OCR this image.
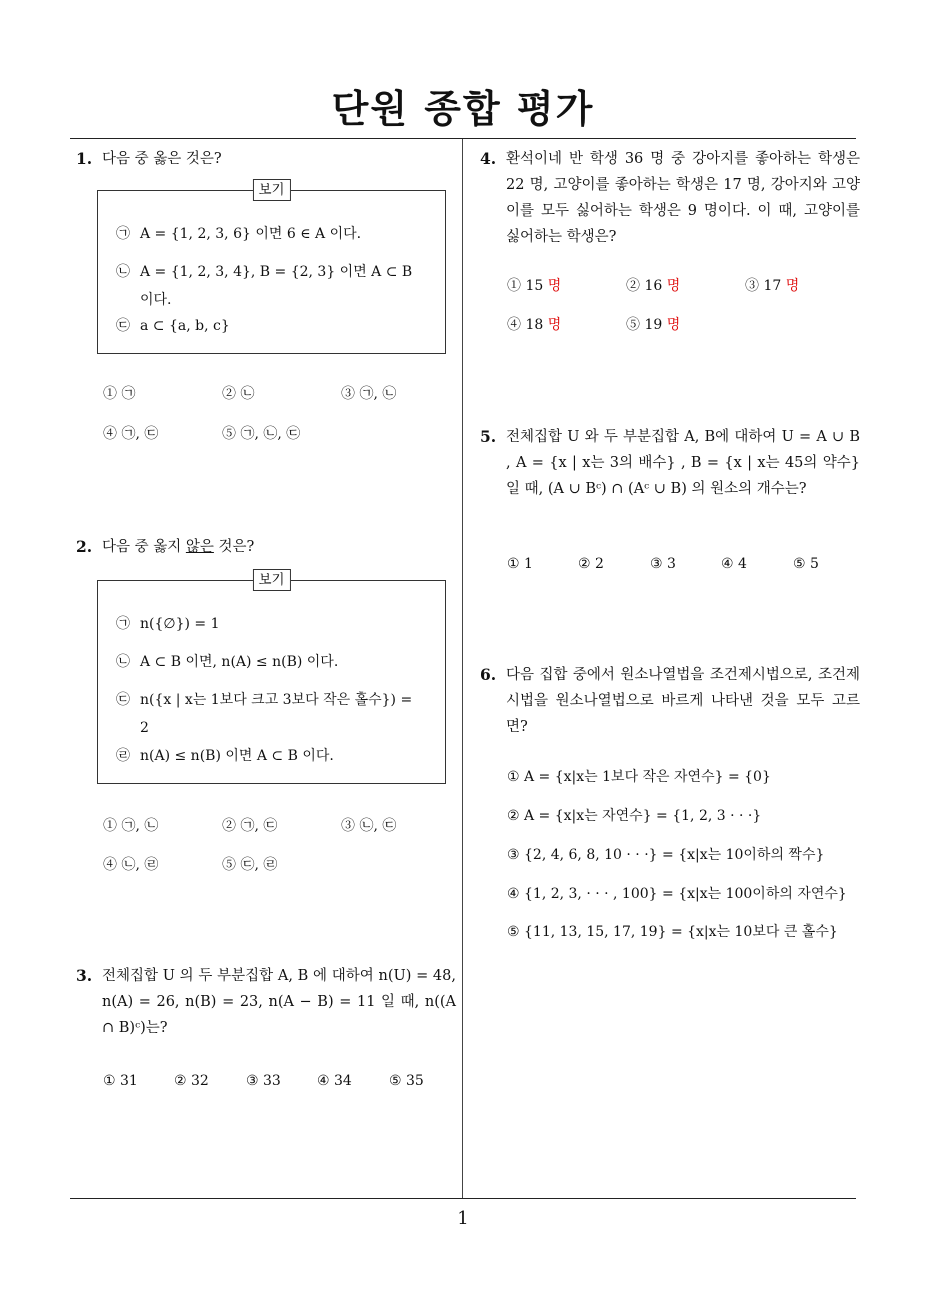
단원 종합 평가
1. 다음 중 옳은 것은?
보기
㉠ A = {1, 2, 3, 6} 이면 6 ∈ A 이다.
㉡ A = {1, 2, 3, 4}, B = {2, 3} 이면 A ⊂ B 이다.
㉢ a ⊂ {a, b, c}
① ㉠	② ㉡	③ ㉠, ㉡
④ ㉠, ㉢	⑤ ㉠, ㉡, ㉢
2. 다음 중 옳지 않은 것은?
보기
㉠ n({∅}) = 1
㉡ A ⊂ B 이면, n(A) ≤ n(B) 이다.
㉢ n({x | x는 1보다 크고 3보다 작은 홀수}) = 2
㉣ n(A) ≤ n(B) 이면 A ⊂ B 이다.
① ㉠, ㉡	② ㉠, ㉢	③ ㉡, ㉢
④ ㉡, ㉣	⑤ ㉢, ㉣
3. 전체집합 U 의 두 부분집합 A, B 에 대하여 n(U) = 48, n(A) = 26, n(B) = 23, n(A − B) = 11 일 때, n((A ∩ B)ᶜ)는?
① 31	② 32	③ 33	④ 34	⑤ 35
4. 환석이네 반 학생 36 명 중 강아지를 좋아하는 학생은 22 명, 고양이를 좋아하는 학생은 17 명, 강아지와 고양이를 모두 싫어하는 학생은 9 명이다. 이 때, 고양이를 싫어하는 학생은?
① 15 명	② 16 명	③ 17 명
④ 18 명	⑤ 19 명
5. 전체집합 U 와 두 부분집합 A, B에 대하여 U = A ∪ B , A = {x | x는 3의 배수} , B = {x | x는 45의 약수} 일 때, (A ∪ Bᶜ) ∩ (Aᶜ ∪ B) 의 원소의 개수는?
① 1	② 2	③ 3	④ 4	⑤ 5
6. 다음 집합 중에서 원소나열법을 조건제시법으로, 조건제시법을 원소나열법으로 바르게 나타낸 것을 모두 고르면?
① A = {x|x는 1보다 작은 자연수} = {0}
② A = {x|x는 자연수} = {1, 2, 3 · · ·}
③ {2, 4, 6, 8, 10 · · ·} = {x|x는 10이하의 짝수}
④ {1, 2, 3, · · · , 100} = {x|x는 100이하의 자연수}
⑤ {11, 13, 15, 17, 19} = {x|x는 10보다 큰 홀수}
1
